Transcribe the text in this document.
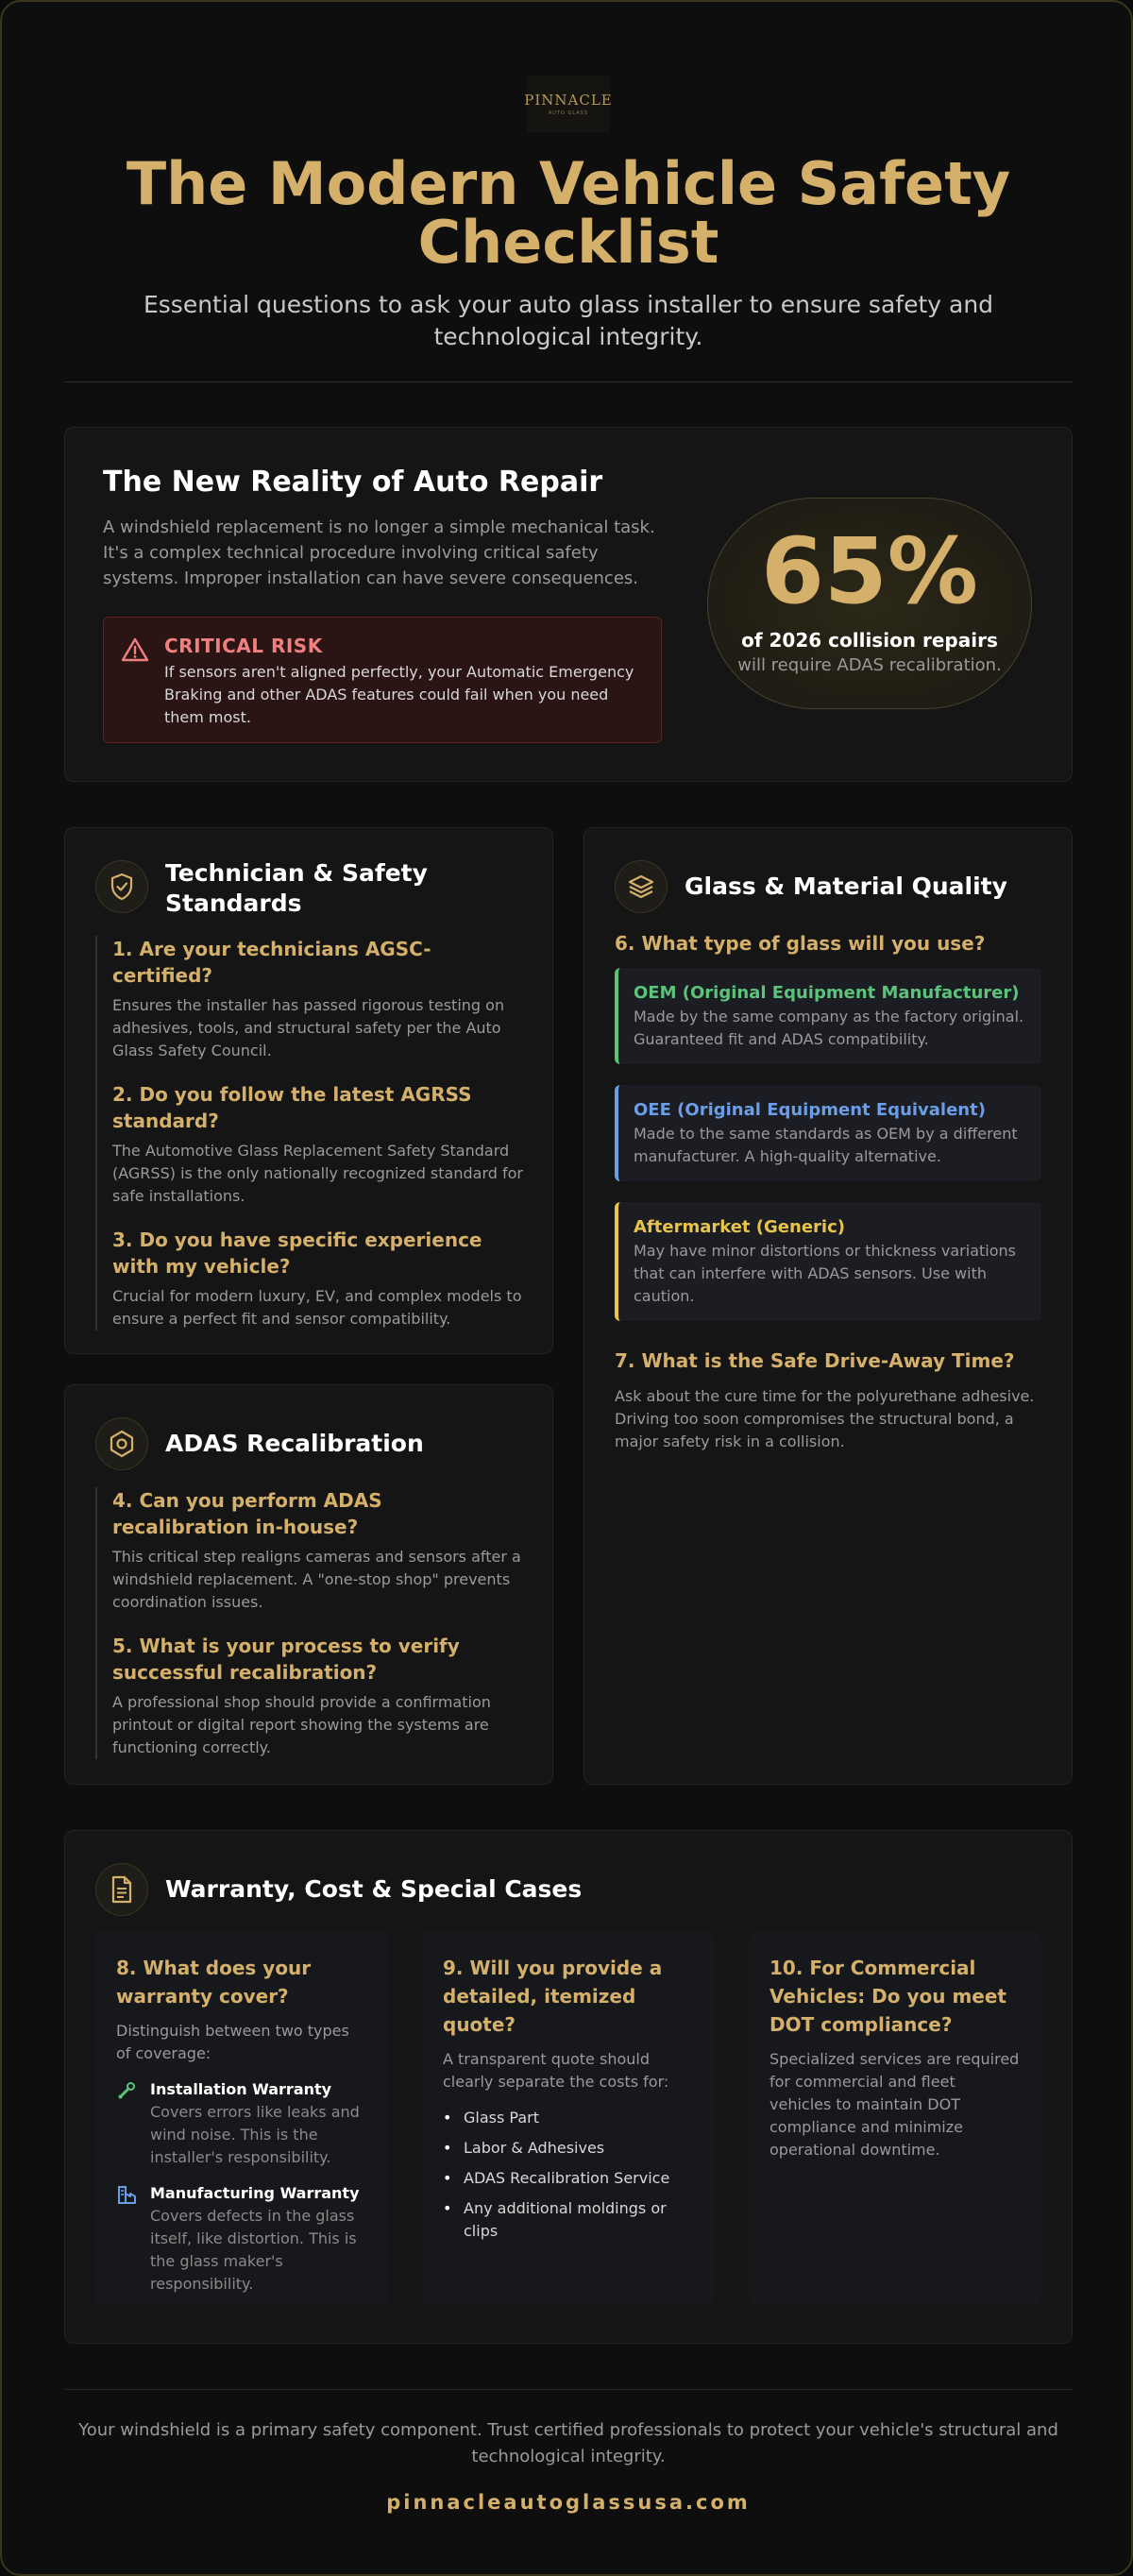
PINNACLE
AUTO GLASS
The Modern Vehicle Safety Checklist

Essential questions to ask your auto glass installer to ensure safety and technological integrity.

The New Reality of Auto Repair

A windshield replacement is no longer a simple mechanical task. It's a complex technical procedure involving critical safety systems. Improper installation can have severe consequences.

CRITICAL RISK
If sensors aren't aligned perfectly, your Automatic Emergency Braking and other ADAS features could fail when you need them most.
65%
of 2026 collision repairs
will require ADAS recalibration.
Technician & Safety Standards
1. Are your technicians AGSC-certified?
Ensures the installer has passed rigorous testing on adhesives, tools, and structural safety per the Auto Glass Safety Council.
2. Do you follow the latest AGRSS standard?
The Automotive Glass Replacement Safety Standard (AGRSS) is the only nationally recognized standard for safe installations.
3. Do you have specific experience with my vehicle?
Crucial for modern luxury, EV, and complex models to ensure a perfect fit and sensor compatibility.
ADAS Recalibration
4. Can you perform ADAS recalibration in-house?
This critical step realigns cameras and sensors after a windshield replacement. A "one-stop shop" prevents coordination issues.
5. What is your process to verify successful recalibration?
A professional shop should provide a confirmation printout or digital report showing the systems are functioning correctly.
Glass & Material Quality
6. What type of glass will you use?
OEM (Original Equipment Manufacturer)
Made by the same company as the factory original. Guaranteed fit and ADAS compatibility.
OEE (Original Equipment Equivalent)
Made to the same standards as OEM by a different manufacturer. A high-quality alternative.
Aftermarket (Generic)
May have minor distortions or thickness variations that can interfere with ADAS sensors. Use with caution.
7. What is the Safe Drive-Away Time?
Ask about the cure time for the polyurethane adhesive. Driving too soon compromises the structural bond, a major safety risk in a collision.
Warranty, Cost & Special Cases
8. What does your warranty cover?
Distinguish between two types of coverage:
Installation Warranty
Covers errors like leaks and wind noise. This is the installer's responsibility.
Manufacturing Warranty
Covers defects in the glass itself, like distortion. This is the glass maker's responsibility.
9. Will you provide a detailed, itemized quote?
A transparent quote should clearly separate the costs for:
• Glass Part
• Labor & Adhesives
• ADAS Recalibration Service
• Any additional moldings or clips
10. For Commercial Vehicles: Do you meet DOT compliance?
Specialized services are required for commercial and fleet vehicles to maintain DOT compliance and minimize operational downtime.

Your windshield is a primary safety component. Trust certified professionals to protect your vehicle's structural and technological integrity.

pinnacleautoglassusa.com
